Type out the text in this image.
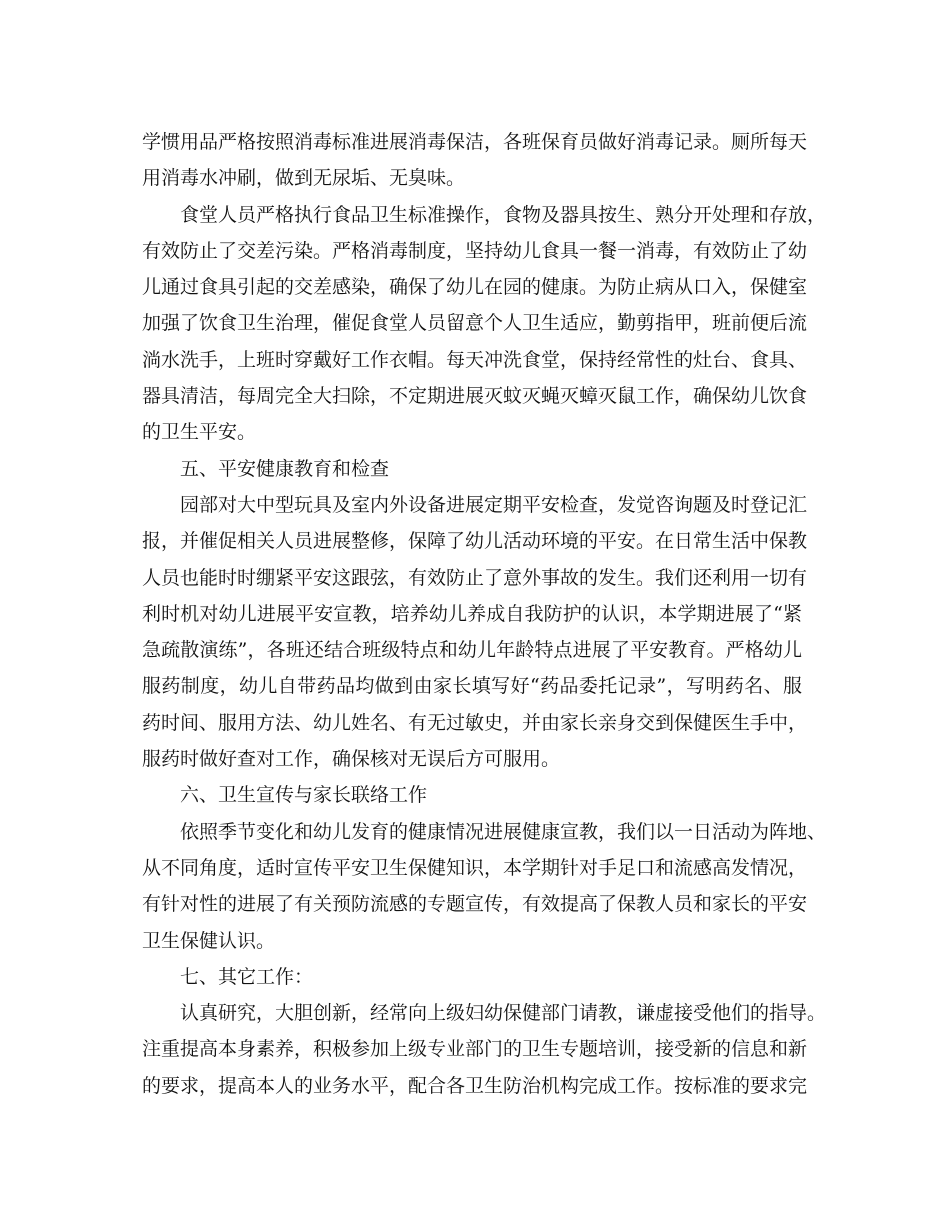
学惯用品严格按照消毒标准进展消毒保洁，各班保育员做好消毒记录。厕所每天
用消毒水冲刷，做到无尿垢、无臭味。
食堂人员严格执行食品卫生标准操作，食物及器具按生、熟分开处理和存放，
有效防止了交差污染。严格消毒制度，坚持幼儿食具一餐一消毒，有效防止了幼
儿通过食具引起的交差感染，确保了幼儿在园的健康。为防止病从口入，保健室
加强了饮食卫生治理，催促食堂人员留意个人卫生适应，勤剪指甲，班前便后流
淌水洗手，上班时穿戴好工作衣帽。每天冲洗食堂，保持经常性的灶台、食具、
器具清洁，每周完全大扫除，不定期进展灭蚊灭蝇灭蟑灭鼠工作，确保幼儿饮食
的卫生平安。
五、平安健康教育和检查
园部对大中型玩具及室内外设备进展定期平安检查，发觉咨询题及时登记汇
报，并催促相关人员进展整修，保障了幼儿活动环境的平安。在日常生活中保教
人员也能时时绷紧平安这跟弦，有效防止了意外事故的发生。我们还利用一切有
利时机对幼儿进展平安宣教，培养幼儿养成自我防护的认识，本学期进展了“紧
急疏散演练”，各班还结合班级特点和幼儿年龄特点进展了平安教育。严格幼儿
服药制度，幼儿自带药品均做到由家长填写好“药品委托记录”，写明药名、服
药时间、服用方法、幼儿姓名、有无过敏史，并由家长亲身交到保健医生手中，
服药时做好查对工作，确保核对无误后方可服用。
六、卫生宣传与家长联络工作
依照季节变化和幼儿发育的健康情况进展健康宣教，我们以一日活动为阵地、
从不同角度，适时宣传平安卫生保健知识，本学期针对手足口和流感高发情况，
有针对性的进展了有关预防流感的专题宣传，有效提高了保教人员和家长的平安
卫生保健认识。
七、其它工作：
认真研究，大胆创新，经常向上级妇幼保健部门请教，谦虚接受他们的指导。
注重提高本身素养，积极参加上级专业部门的卫生专题培训，接受新的信息和新
的要求，提高本人的业务水平，配合各卫生防治机构完成工作。按标准的要求完
